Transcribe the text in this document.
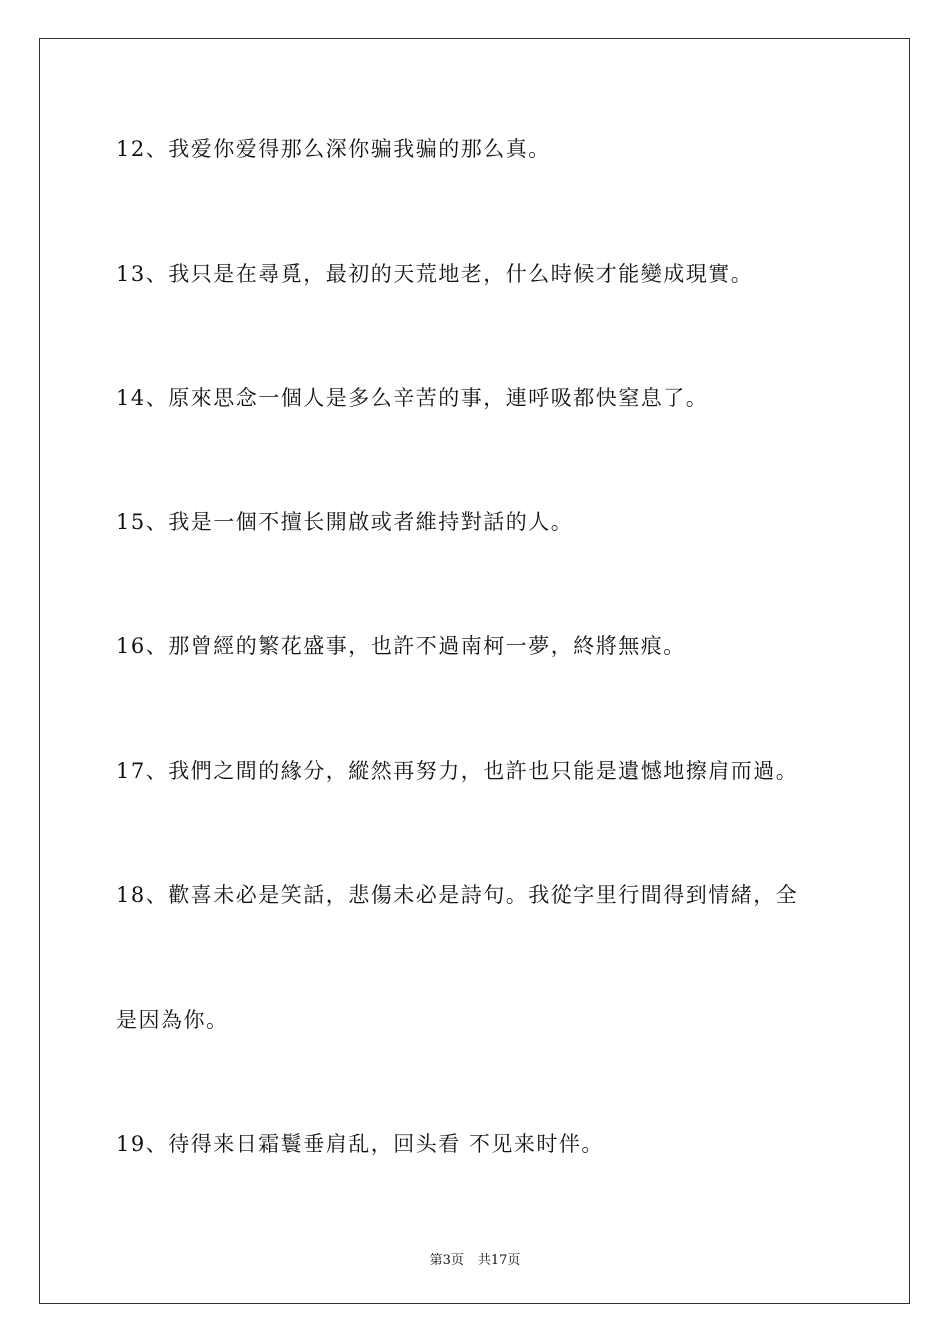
12、我爱你爱得那么深你骗我骗的那么真。
13、我只是在尋覓，最初的天荒地老，什么時候才能變成現實。
14、原來思念一個人是多么辛苦的事，連呼吸都快窒息了。
15、我是一個不擅长開啟或者維持對話的人。
16、那曾經的繁花盛事，也許不過南柯一夢，終將無痕。
17、我們之間的緣分，縱然再努力，也許也只能是遺憾地擦肩而過。
18、歡喜未必是笑話，悲傷未必是詩句。我從字里行間得到情緒，全
是因為你。
19、待得来日霜鬟垂肩乱，回头看 不见来时伴。
第3页 共17页
